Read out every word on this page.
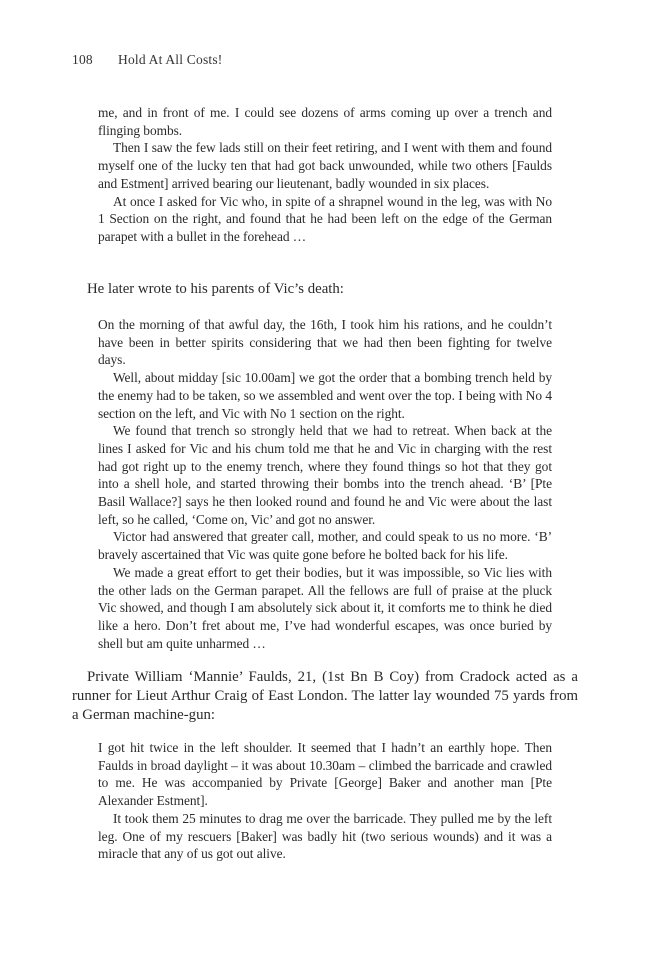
108 Hold At All Costs!

me, and in front of me. I could see dozens of arms coming up over a trench and flinging bombs.

Then I saw the few lads still on their feet retiring, and I went with them and found myself one of the lucky ten that had got back unwounded, while two others [Faulds and Estment] arrived bearing our lieutenant, badly wounded in six places.

At once I asked for Vic who, in spite of a shrapnel wound in the leg, was with No 1 Section on the right, and found that he had been left on the edge of the German parapet with a bullet in the forehead …

He later wrote to his parents of Vic’s death:

On the morning of that awful day, the 16th, I took him his rations, and he couldn’t have been in better spirits considering that we had then been fighting for twelve days.

Well, about midday [sic 10.00am] we got the order that a bombing trench held by the enemy had to be taken, so we assembled and went over the top. I being with No 4 section on the left, and Vic with No 1 section on the right.

We found that trench so strongly held that we had to retreat. When back at the lines I asked for Vic and his chum told me that he and Vic in charging with the rest had got right up to the enemy trench, where they found things so hot that they got into a shell hole, and started throwing their bombs into the trench ahead. ‘B’ [Pte Basil Wallace?] says he then looked round and found he and Vic were about the last left, so he called, ‘Come on, Vic’ and got no answer.

Victor had answered that greater call, mother, and could speak to us no more. ‘B’ bravely ascertained that Vic was quite gone before he bolted back for his life.

We made a great effort to get their bodies, but it was impossible, so Vic lies with the other lads on the German parapet. All the fellows are full of praise at the pluck Vic showed, and though I am absolutely sick about it, it comforts me to think he died like a hero. Don’t fret about me, I’ve had wonderful escapes, was once buried by shell but am quite unharmed …

Private William ‘Mannie’ Faulds, 21, (1st Bn B Coy) from Cradock acted as a runner for Lieut Arthur Craig of East London. The latter lay wounded 75 yards from a German machine-gun:

I got hit twice in the left shoulder. It seemed that I hadn’t an earthly hope. Then Faulds in broad daylight – it was about 10.30am – climbed the barricade and crawled to me. He was accompanied by Private [George] Baker and another man [Pte Alexander Estment].

It took them 25 minutes to drag me over the barricade. They pulled me by the left leg. One of my rescuers [Baker] was badly hit (two serious wounds) and it was a miracle that any of us got out alive.
